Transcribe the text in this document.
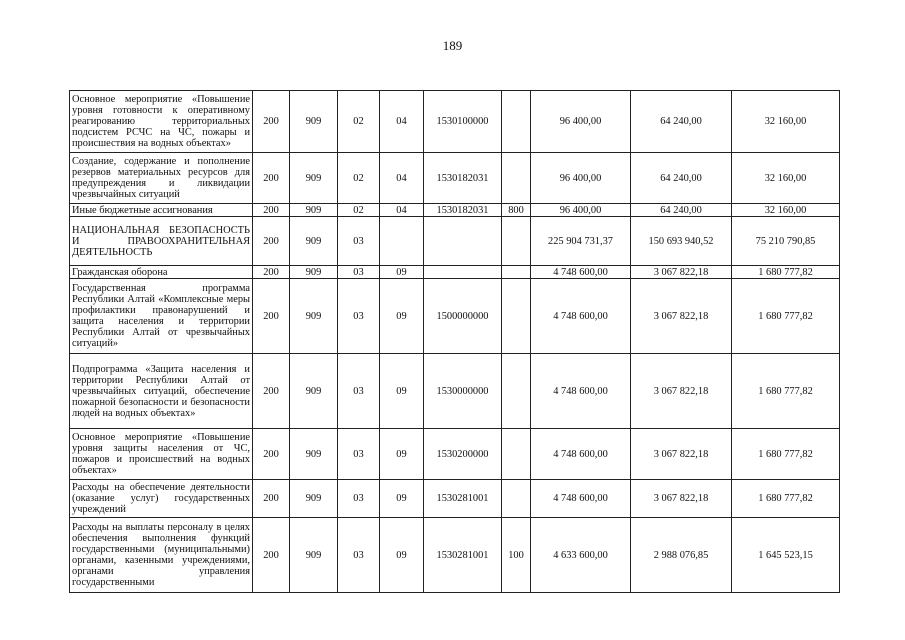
189
Основное мероприятие «Повышение уровня готовности к оперативному реагированию территориальных подсистем РСЧС на ЧС, пожары и происшествия на водных объектах»	200	909	02	04	1530100000		96 400,00	64 240,00	32 160,00
Создание, содержание и пополнение резервов материальных ресурсов для предупреждения и ликвидации чрезвычайных ситуаций	200	909	02	04	1530182031		96 400,00	64 240,00	32 160,00
Иные бюджетные ассигнования	200	909	02	04	1530182031	800	96 400,00	64 240,00	32 160,00
НАЦИОНАЛЬНАЯ БЕЗОПАСНОСТЬ И ПРАВООХРАНИТЕЛЬНАЯ ДЕЯТЕЛЬНОСТЬ	200	909	03				225 904 731,37	150 693 940,52	75 210 790,85
Гражданская оборона	200	909	03	09			4 748 600,00	3 067 822,18	1 680 777,82
Государственная программа Республики Алтай «Комплексные меры профилактики правонарушений и защита населения и территории Республики Алтай от чрезвычайных ситуаций»	200	909	03	09	1500000000		4 748 600,00	3 067 822,18	1 680 777,82
Подпрограмма «Защита населения и территории Республики Алтай от чрезвычайных ситуаций, обеспечение пожарной безопасности и безопасности людей на водных объектах»	200	909	03	09	1530000000		4 748 600,00	3 067 822,18	1 680 777,82
Основное мероприятие «Повышение уровня защиты населения от ЧС, пожаров и происшествий на водных объектах»	200	909	03	09	1530200000		4 748 600,00	3 067 822,18	1 680 777,82
Расходы на обеспечение деятельности (оказание услуг) государственных учреждений	200	909	03	09	1530281001		4 748 600,00	3 067 822,18	1 680 777,82
Расходы на выплаты персоналу в целях обеспечения выполнения функций государственными (муниципальными) органами, казенными учреждениями, органами управления государственными	200	909	03	09	1530281001	100	4 633 600,00	2 988 076,85	1 645 523,15
